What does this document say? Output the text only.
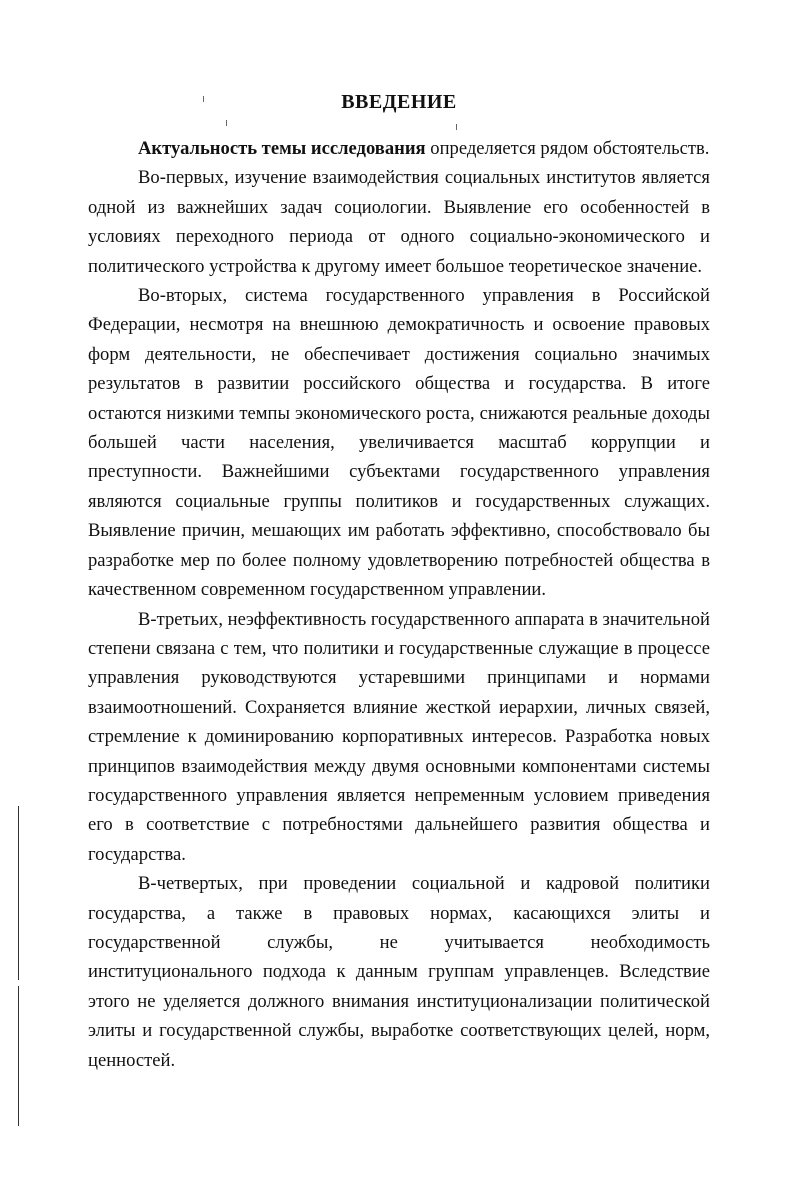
ВВЕДЕНИЕ

Актуальность темы исследования определяется рядом обстоятельств.

Во-первых, изучение взаимодействия социальных институтов является одной из важнейших задач социологии. Выявление его особенностей в условиях переходного периода от одного социально-экономического и политического устройства к другому имеет большое теоретическое значение.

Во-вторых, система государственного управления в Российской Федерации, несмотря на внешнюю демократичность и освоение правовых форм деятельности, не обеспечивает достижения социально значимых результатов в развитии российского общества и государства. В итоге остаются низкими темпы экономического роста, снижаются реальные доходы большей части населения, увеличивается масштаб коррупции и преступности. Важнейшими субъектами государственного управления являются социальные группы политиков и государственных служащих. Выявление причин, мешающих им работать эффективно, способствовало бы разработке мер по более полному удовлетворению потребностей общества в качественном современном государственном управлении.

В-третьих, неэффективность государственного аппарата в значительной степени связана с тем, что политики и государственные служащие в процессе управления руководствуются устаревшими принципами и нормами взаимоотношений. Сохраняется влияние жесткой иерархии, личных связей, стремление к доминированию корпоративных интересов. Разработка новых принципов взаимодействия между двумя основными компонентами системы государственного управления является непременным условием приведения его в соответствие с потребностями дальнейшего развития общества и государства.

В-четвертых, при проведении социальной и кадровой политики государства, а также в правовых нормах, касающихся элиты и государственной службы, не учитывается необходимость институционального подхода к данным группам управленцев. Вследствие этого не уделяется должного внимания институционализации политической элиты и государственной службы, выработке соответствующих целей, норм, ценностей.
